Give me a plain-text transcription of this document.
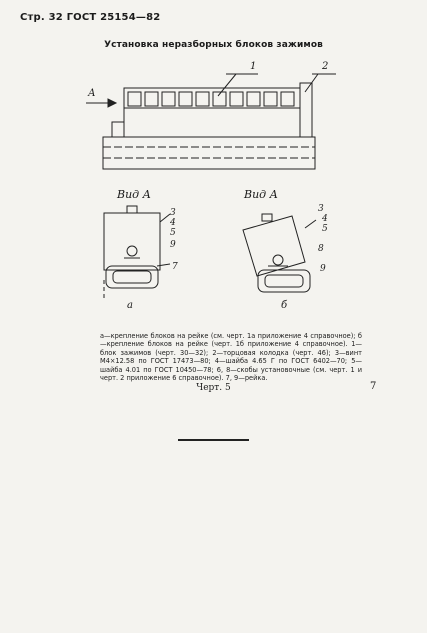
Стр. 32 ГОСТ 25154—82
Установка неразборных блоков зажимов
А
1	2
Вид А
3
4
5
9
7
а
Вид А
3
4
5
8
9
б
а—крепление блоков на рейке (см. черт. 1а приложение 4 справочное); б—крепление блоков на рейке (черт. 1б приложение 4 справочное). 1—блок зажимов (черт. 30—32); 2—торцовая колодка (черт. 46); 3—винт М4×12.58 по ГОСТ 17473—80; 4—шайба 4.65 Г по ГОСТ 6402—70; 5—шайба 4.01 по ГОСТ 10450—78; 6, 8—скобы установочные (см. черт. 1 и черт. 2 приложение 6 справочное). 7, 9—рейка.
Черт. 5	7
